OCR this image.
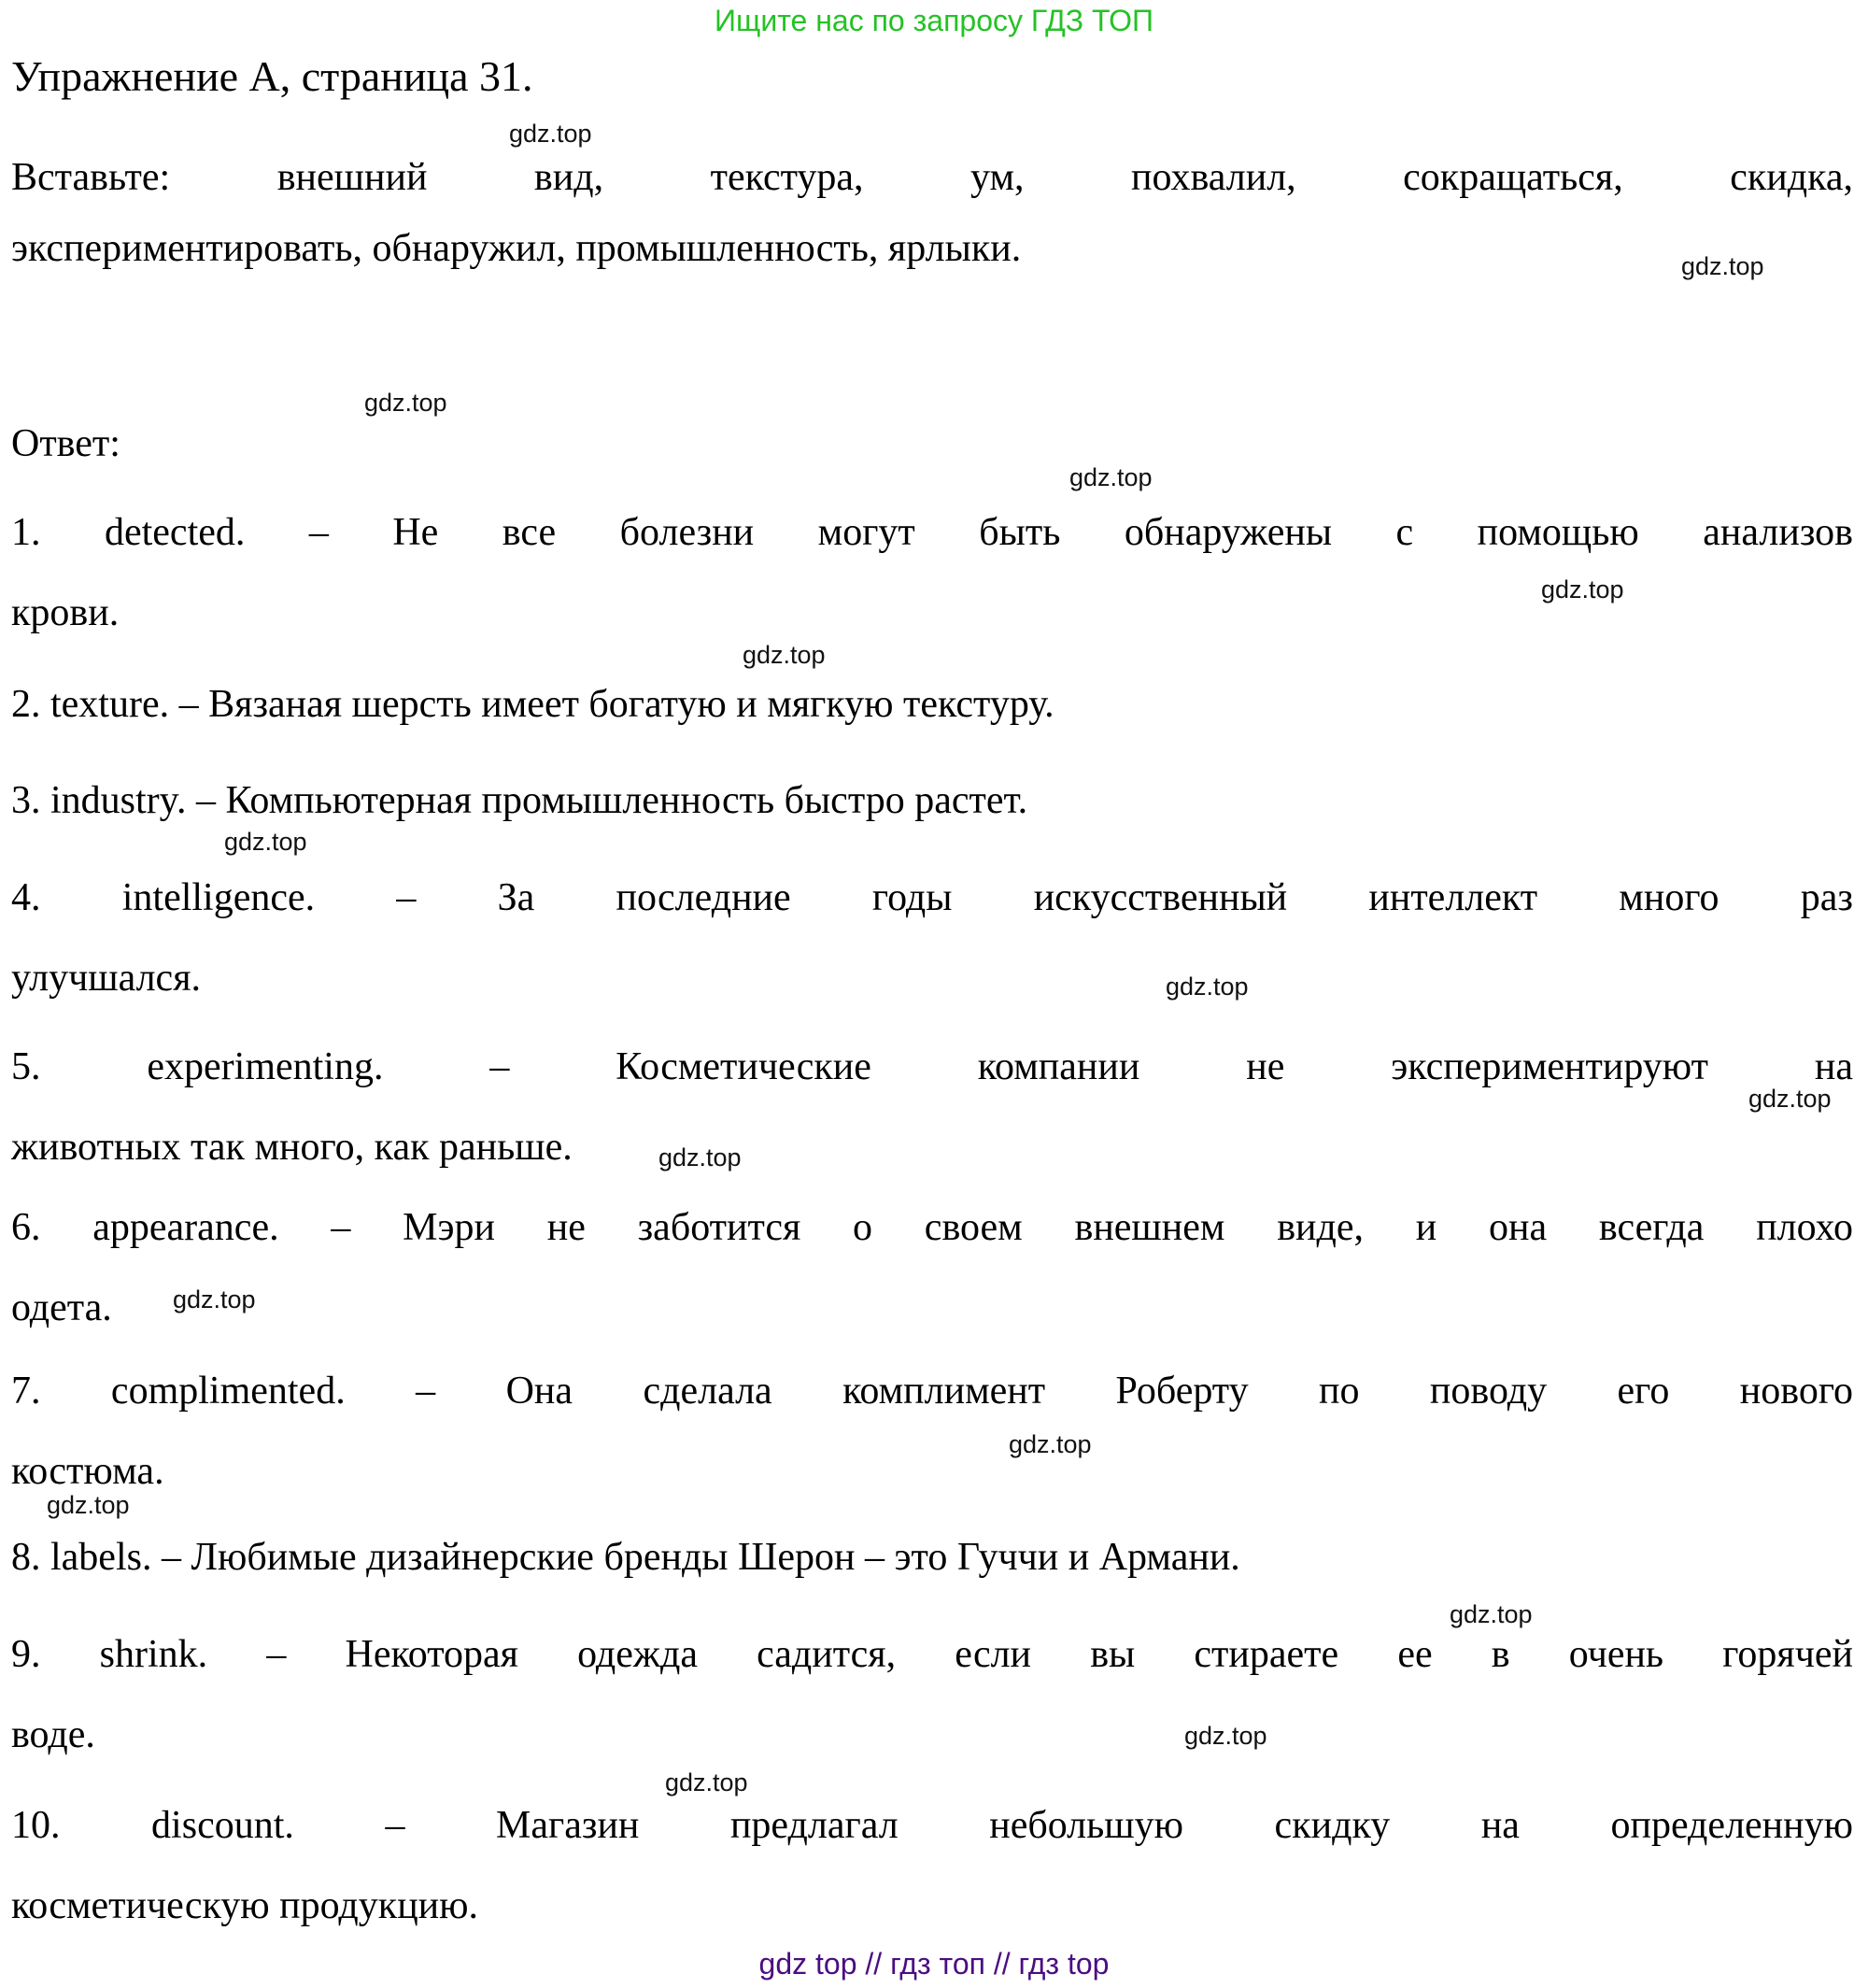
Ищите нас по запросу ГДЗ ТОП
Упражнение А, страница 31.
Вставьте: внешний вид, текстура, ум, похвалил, сокращаться, скидка,
экспериментировать, обнаружил, промышленность, ярлыки.
Ответ:
1. detected. – Не все болезни могут быть обнаружены с помощью анализов
крови.
2. texture. – Вязаная шерсть имеет богатую и мягкую текстуру.
3. industry. – Компьютерная промышленность быстро растет.
4. intelligence. – За последние годы искусственный интеллект много раз
улучшался.
5. experimenting. – Косметические компании не экспериментируют на
животных так много, как раньше.
6. appearance. – Мэри не заботится о своем внешнем виде, и она всегда плохо
одета.
7. complimented. – Она сделала комплимент Роберту по поводу его нового
костюма.
8. labels. – Любимые дизайнерские бренды Шерон – это Гуччи и Армани.
9. shrink. – Некоторая одежда садится, если вы стираете ее в очень горячей
воде.
10. discount. – Магазин предлагал небольшую скидку на определенную
косметическую продукцию.
gdz.top
gdz.top
gdz.top
gdz.top
gdz.top
gdz.top
gdz.top
gdz.top
gdz.top
gdz.top
gdz.top
gdz.top
gdz.top
gdz.top
gdz.top
gdz.top
gdz top // гдз топ // гдз top
